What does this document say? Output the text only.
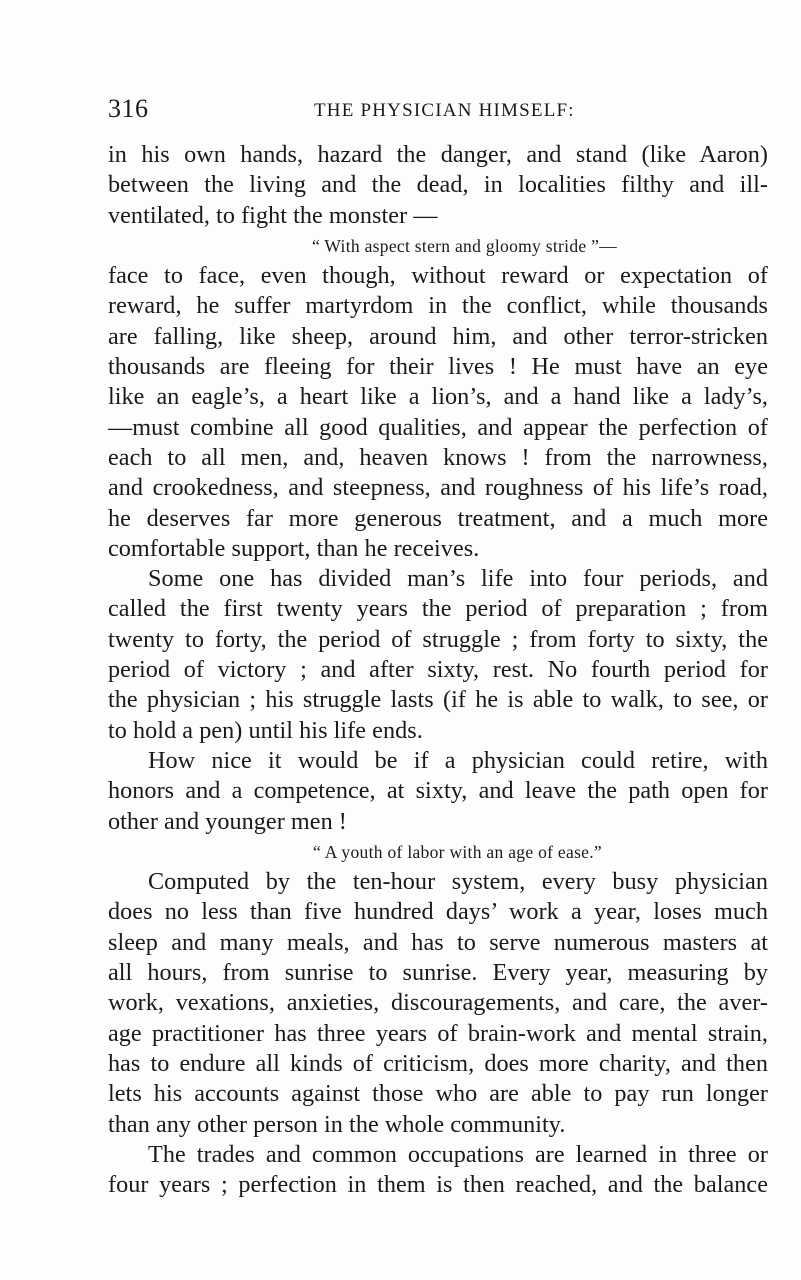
316	THE PHYSICIAN HIMSELF:
in his own hands, hazard the danger, and stand (like Aaron)
between the living and the dead, in localities filthy and ill-
ventilated, to fight the monster —
“ With aspect stern and gloomy stride ”—
face to face, even though, without reward or expectation of
reward, he suffer martyrdom in the conflict, while thousands
are falling, like sheep, around him, and other terror-stricken
thousands are fleeing for their lives ! He must have an eye
like an eagle’s, a heart like a lion’s, and a hand like a lady’s,
—must combine all good qualities, and appear the perfection of
each to all men, and, heaven knows ! from the narrowness,
and crookedness, and steepness, and roughness of his life’s road,
he deserves far more generous treatment, and a much more
comfortable support, than he receives.
Some one has divided man’s life into four periods, and
called the first twenty years the period of preparation ; from
twenty to forty, the period of struggle ; from forty to sixty, the
period of victory ; and after sixty, rest. No fourth period for
the physician ; his struggle lasts (if he is able to walk, to see, or
to hold a pen) until his life ends.
How nice it would be if a physician could retire, with
honors and a competence, at sixty, and leave the path open for
other and younger men !
“ A youth of labor with an age of ease.”
Computed by the ten-hour system, every busy physician
does no less than five hundred days’ work a year, loses much
sleep and many meals, and has to serve numerous masters at
all hours, from sunrise to sunrise. Every year, measuring by
work, vexations, anxieties, discouragements, and care, the aver-
age practitioner has three years of brain-work and mental strain,
has to endure all kinds of criticism, does more charity, and then
lets his accounts against those who are able to pay run longer
than any other person in the whole community.
The trades and common occupations are learned in three or
four years ; perfection in them is then reached, and the balance
